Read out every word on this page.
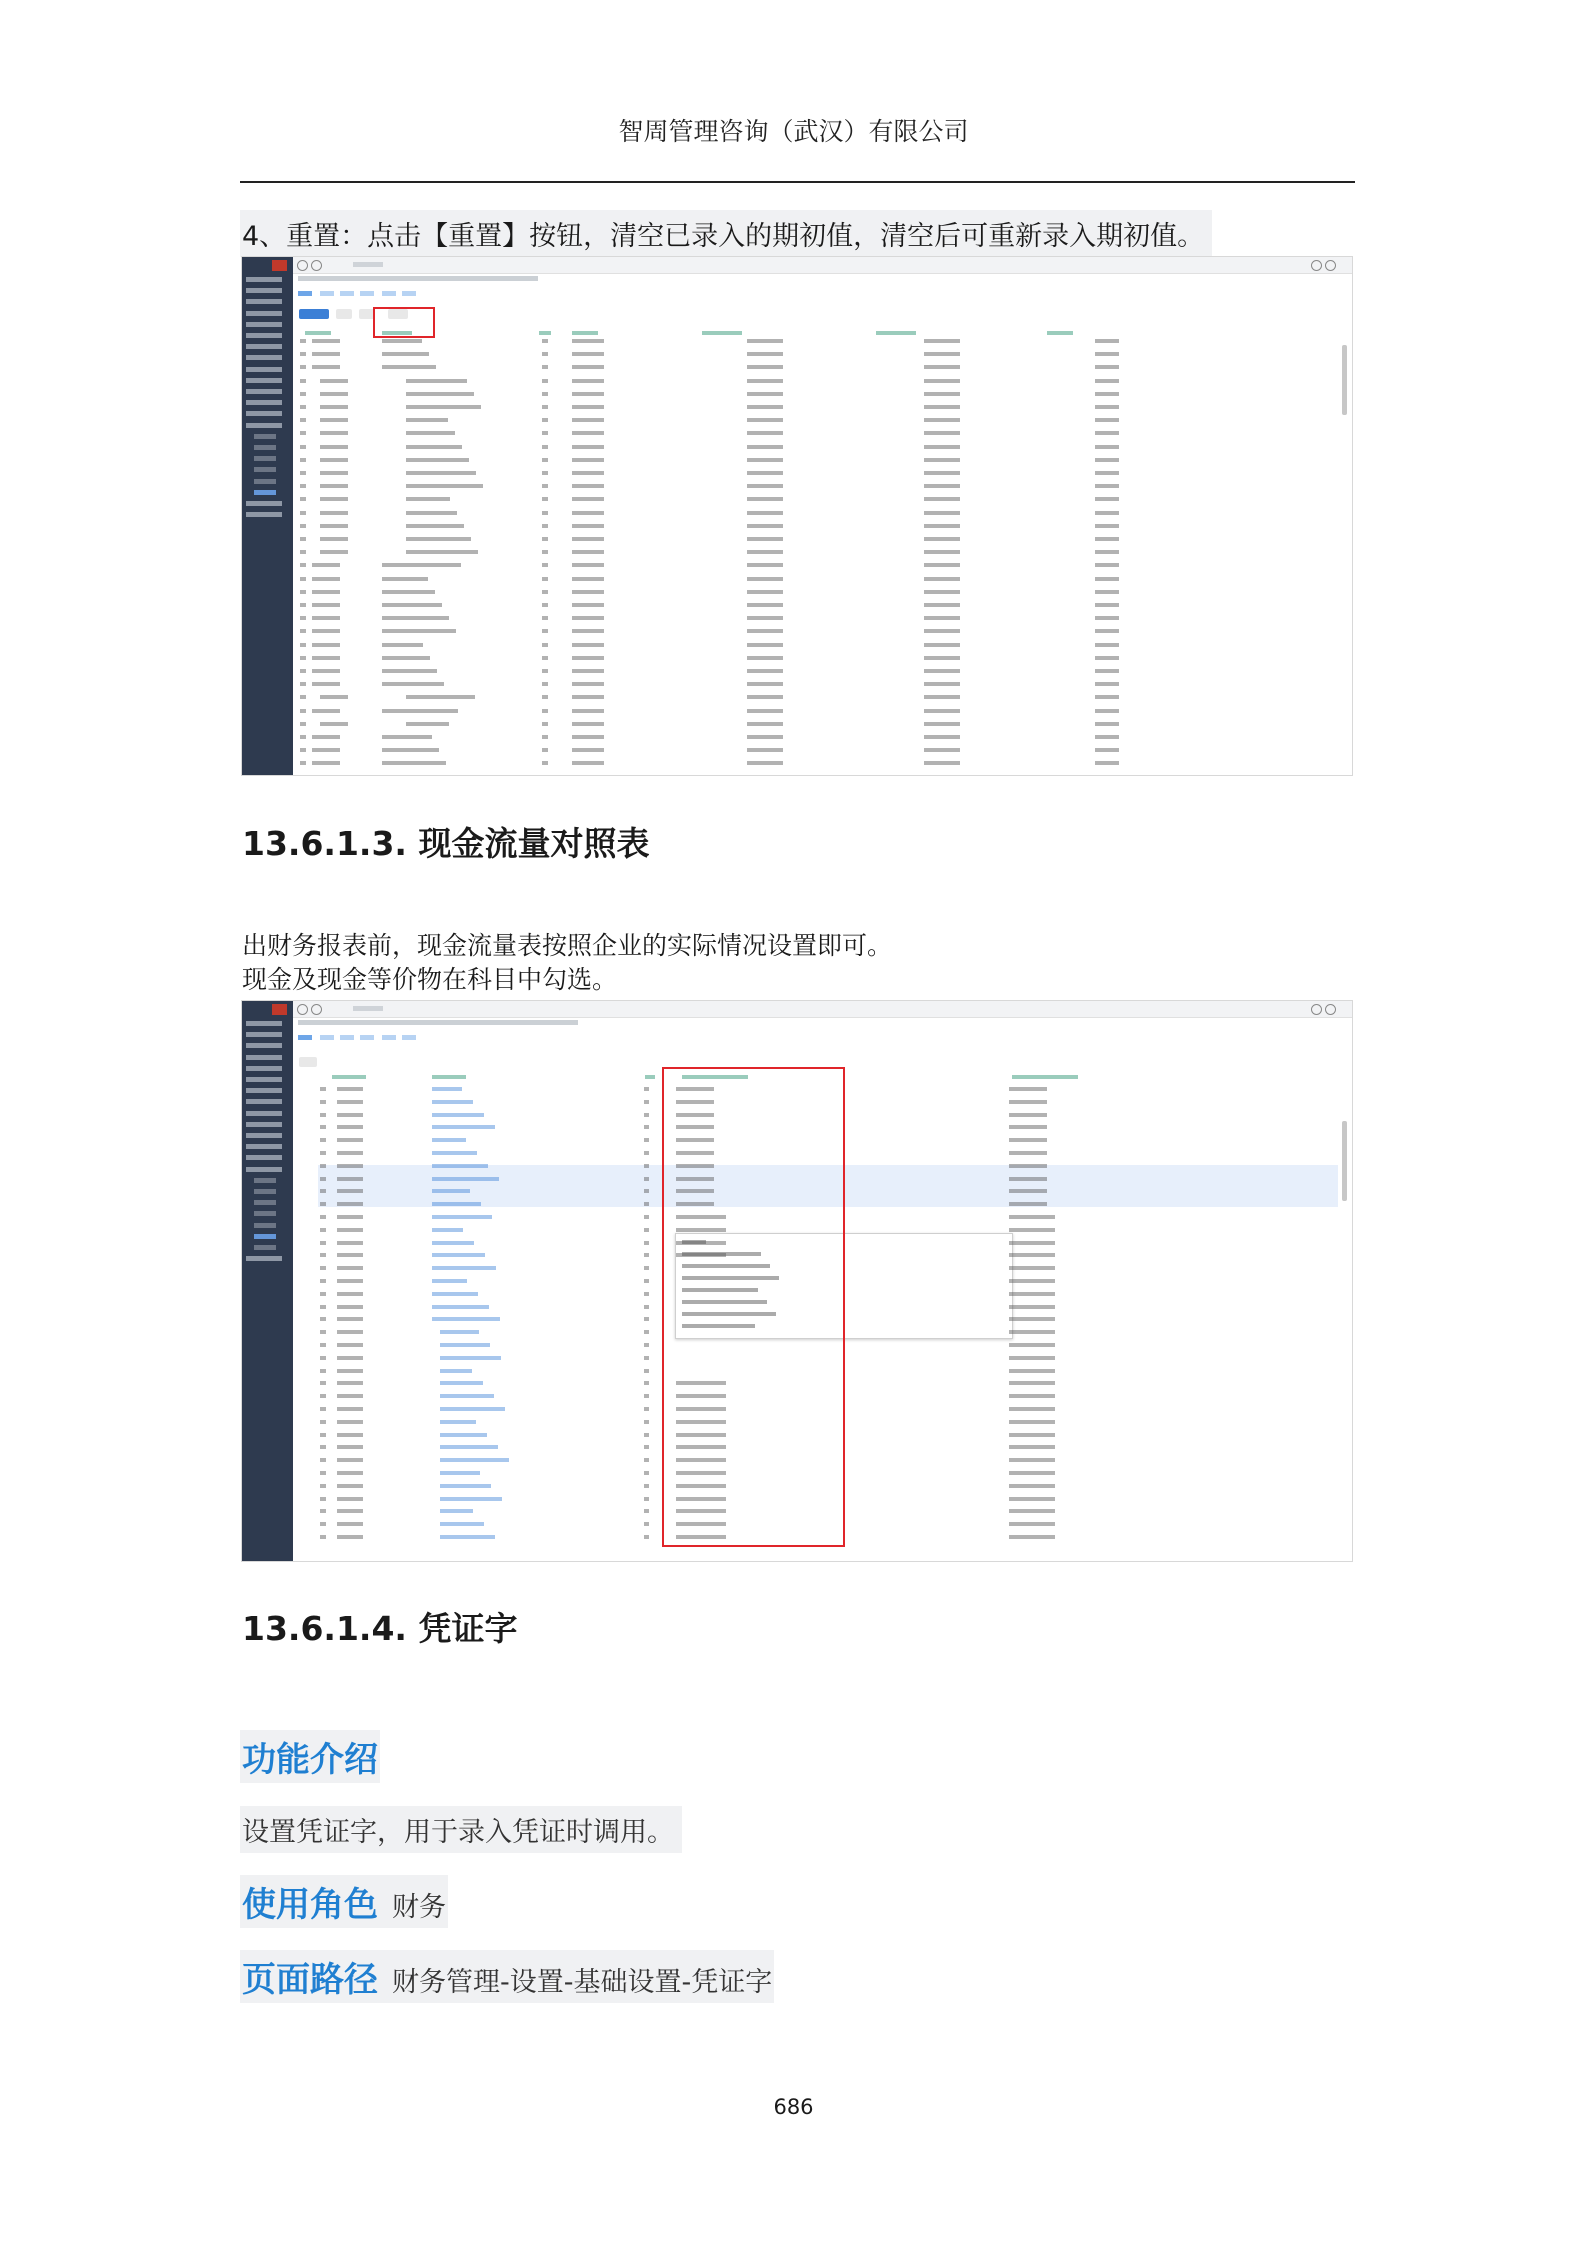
智周管理咨询（武汉）有限公司
4、重置：点击【重置】按钮，清空已录入的期初值，清空后可重新录入期初值。
13.6.1.3. 现金流量对照表
出财务报表前，现金流量表按照企业的实际情况设置即可。
现金及现金等价物在科目中勾选。
13.6.1.4. 凭证字
功能介绍
设置凭证字，用于录入凭证时调用。
使用角色 财务
页面路径 财务管理-设置-基础设置-凭证字
686
